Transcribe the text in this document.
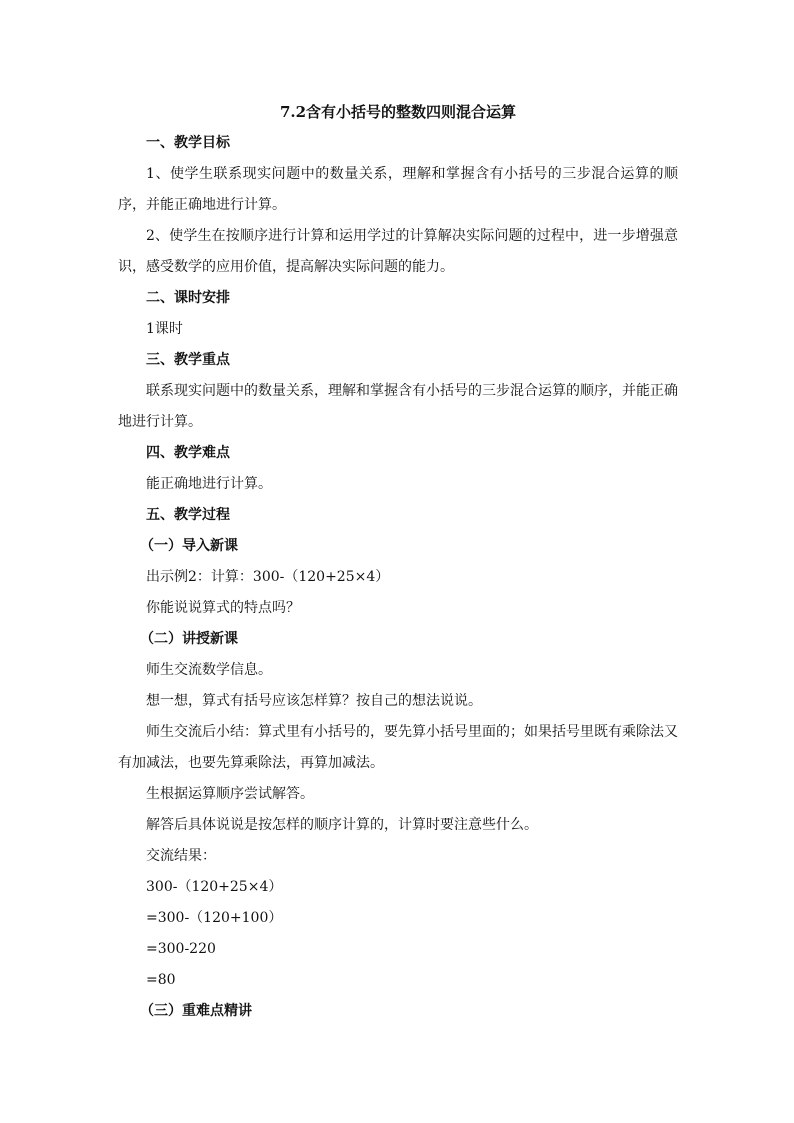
7.2含有小括号的整数四则混合运算

一、教学目标

1、使学生联系现实问题中的数量关系，理解和掌握含有小括号的三步混合运算的顺序，并能正确地进行计算。

2、使学生在按顺序进行计算和运用学过的计算解决实际问题的过程中，进一步增强意识，感受数学的应用价值，提高解决实际问题的能力。

二、课时安排

1课时

三、教学重点

联系现实问题中的数量关系，理解和掌握含有小括号的三步混合运算的顺序，并能正确地进行计算。

四、教学难点

能正确地进行计算。

五、教学过程

（一）导入新课

出示例2：计算：300-（120+25×4）

你能说说算式的特点吗？

（二）讲授新课

师生交流数学信息。

想一想，算式有括号应该怎样算？按自己的想法说说。

师生交流后小结：算式里有小括号的，要先算小括号里面的；如果括号里既有乘除法又有加减法，也要先算乘除法，再算加减法。

生根据运算顺序尝试解答。

解答后具体说说是按怎样的顺序计算的，计算时要注意些什么。

交流结果：

300-（120+25×4）

=300-（120+100）

=300-220

=80

（三）重难点精讲
